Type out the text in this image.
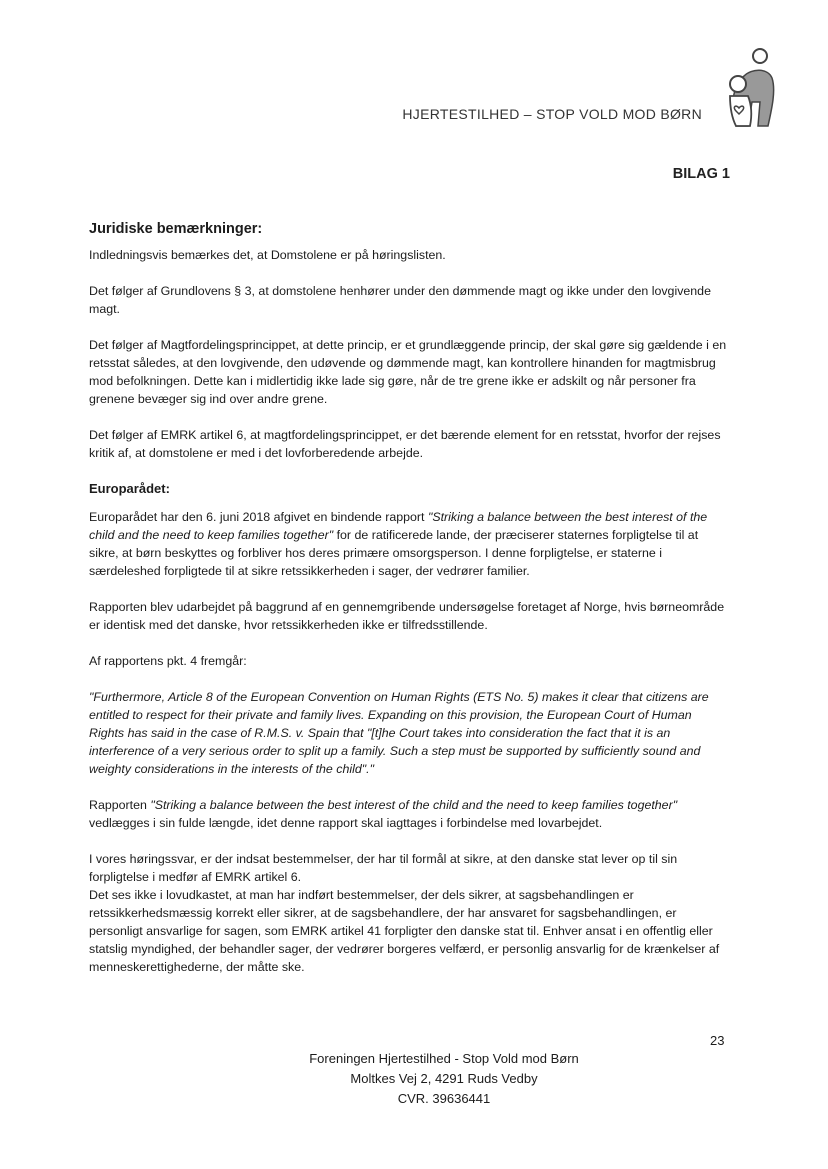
HJERTESTILHED – STOP VOLD MOD BØRN
BILAG 1
Juridiske bemærkninger:

Indledningsvis bemærkes det, at Domstolene er på høringslisten.

Det følger af Grundlovens § 3, at domstolene henhører under den dømmende magt og ikke under den lovgivende magt.

Det følger af Magtfordelingsprincippet, at dette princip, er et grundlæggende princip, der skal gøre sig gældende i en retsstat således, at den lovgivende, den udøvende og dømmende magt, kan kontrollere hinanden for magtmisbrug mod befolkningen. Dette kan i midlertidig ikke lade sig gøre, når de tre grene ikke er adskilt og når personer fra grenene bevæger sig ind over andre grene.

Det følger af EMRK artikel 6, at magtfordelingsprincippet, er det bærende element for en retsstat, hvorfor der rejses kritik af, at domstolene er med i det lovforberedende arbejde.

Europarådet:

Europarådet har den 6. juni 2018 afgivet en bindende rapport "Striking a balance between the best interest of the child and the need to keep families together" for de ratificerede lande, der præciserer staternes forpligtelse til at sikre, at børn beskyttes og forbliver hos deres primære omsorgsperson. I denne forpligtelse, er staterne i særdeleshed forpligtede til at sikre retssikkerheden i sager, der vedrører familier.

Rapporten blev udarbejdet på baggrund af en gennemgribende undersøgelse foretaget af Norge, hvis børneområde er identisk med det danske, hvor retssikkerheden ikke er tilfredsstillende.

Af rapportens pkt. 4 fremgår:

"Furthermore, Article 8 of the European Convention on Human Rights (ETS No. 5) makes it clear that citizens are entitled to respect for their private and family lives. Expanding on this provision, the European Court of Human Rights has said in the case of R.M.S. v. Spain that "[t]he Court takes into consideration the fact that it is an interference of a very serious order to split up a family. Such a step must be supported by sufficiently sound and weighty considerations in the interests of the child"."

Rapporten "Striking a balance between the best interest of the child and the need to keep families together" vedlægges i sin fulde længde, idet denne rapport skal iagttages i forbindelse med lovarbejdet.

I vores høringssvar, er der indsat bestemmelser, der har til formål at sikre, at den danske stat lever op til sin forpligtelse i medfør af EMRK artikel 6.

Det ses ikke i lovudkastet, at man har indført bestemmelser, der dels sikrer, at sagsbehandlingen er retssikkerhedsmæssig korrekt eller sikrer, at de sagsbehandlere, der har ansvaret for sagsbehandlingen, er personligt ansvarlige for sagen, som EMRK artikel 41 forpligter den danske stat til. Enhver ansat i en offentlig eller statslig myndighed, der behandler sager, der vedrører borgeres velfærd, er personlig ansvarlig for de krænkelser af menneskerettighederne, der måtte ske.

23
Foreningen Hjertestilhed - Stop Vold mod Børn
Moltkes Vej 2, 4291 Ruds Vedby
CVR. 39636441
